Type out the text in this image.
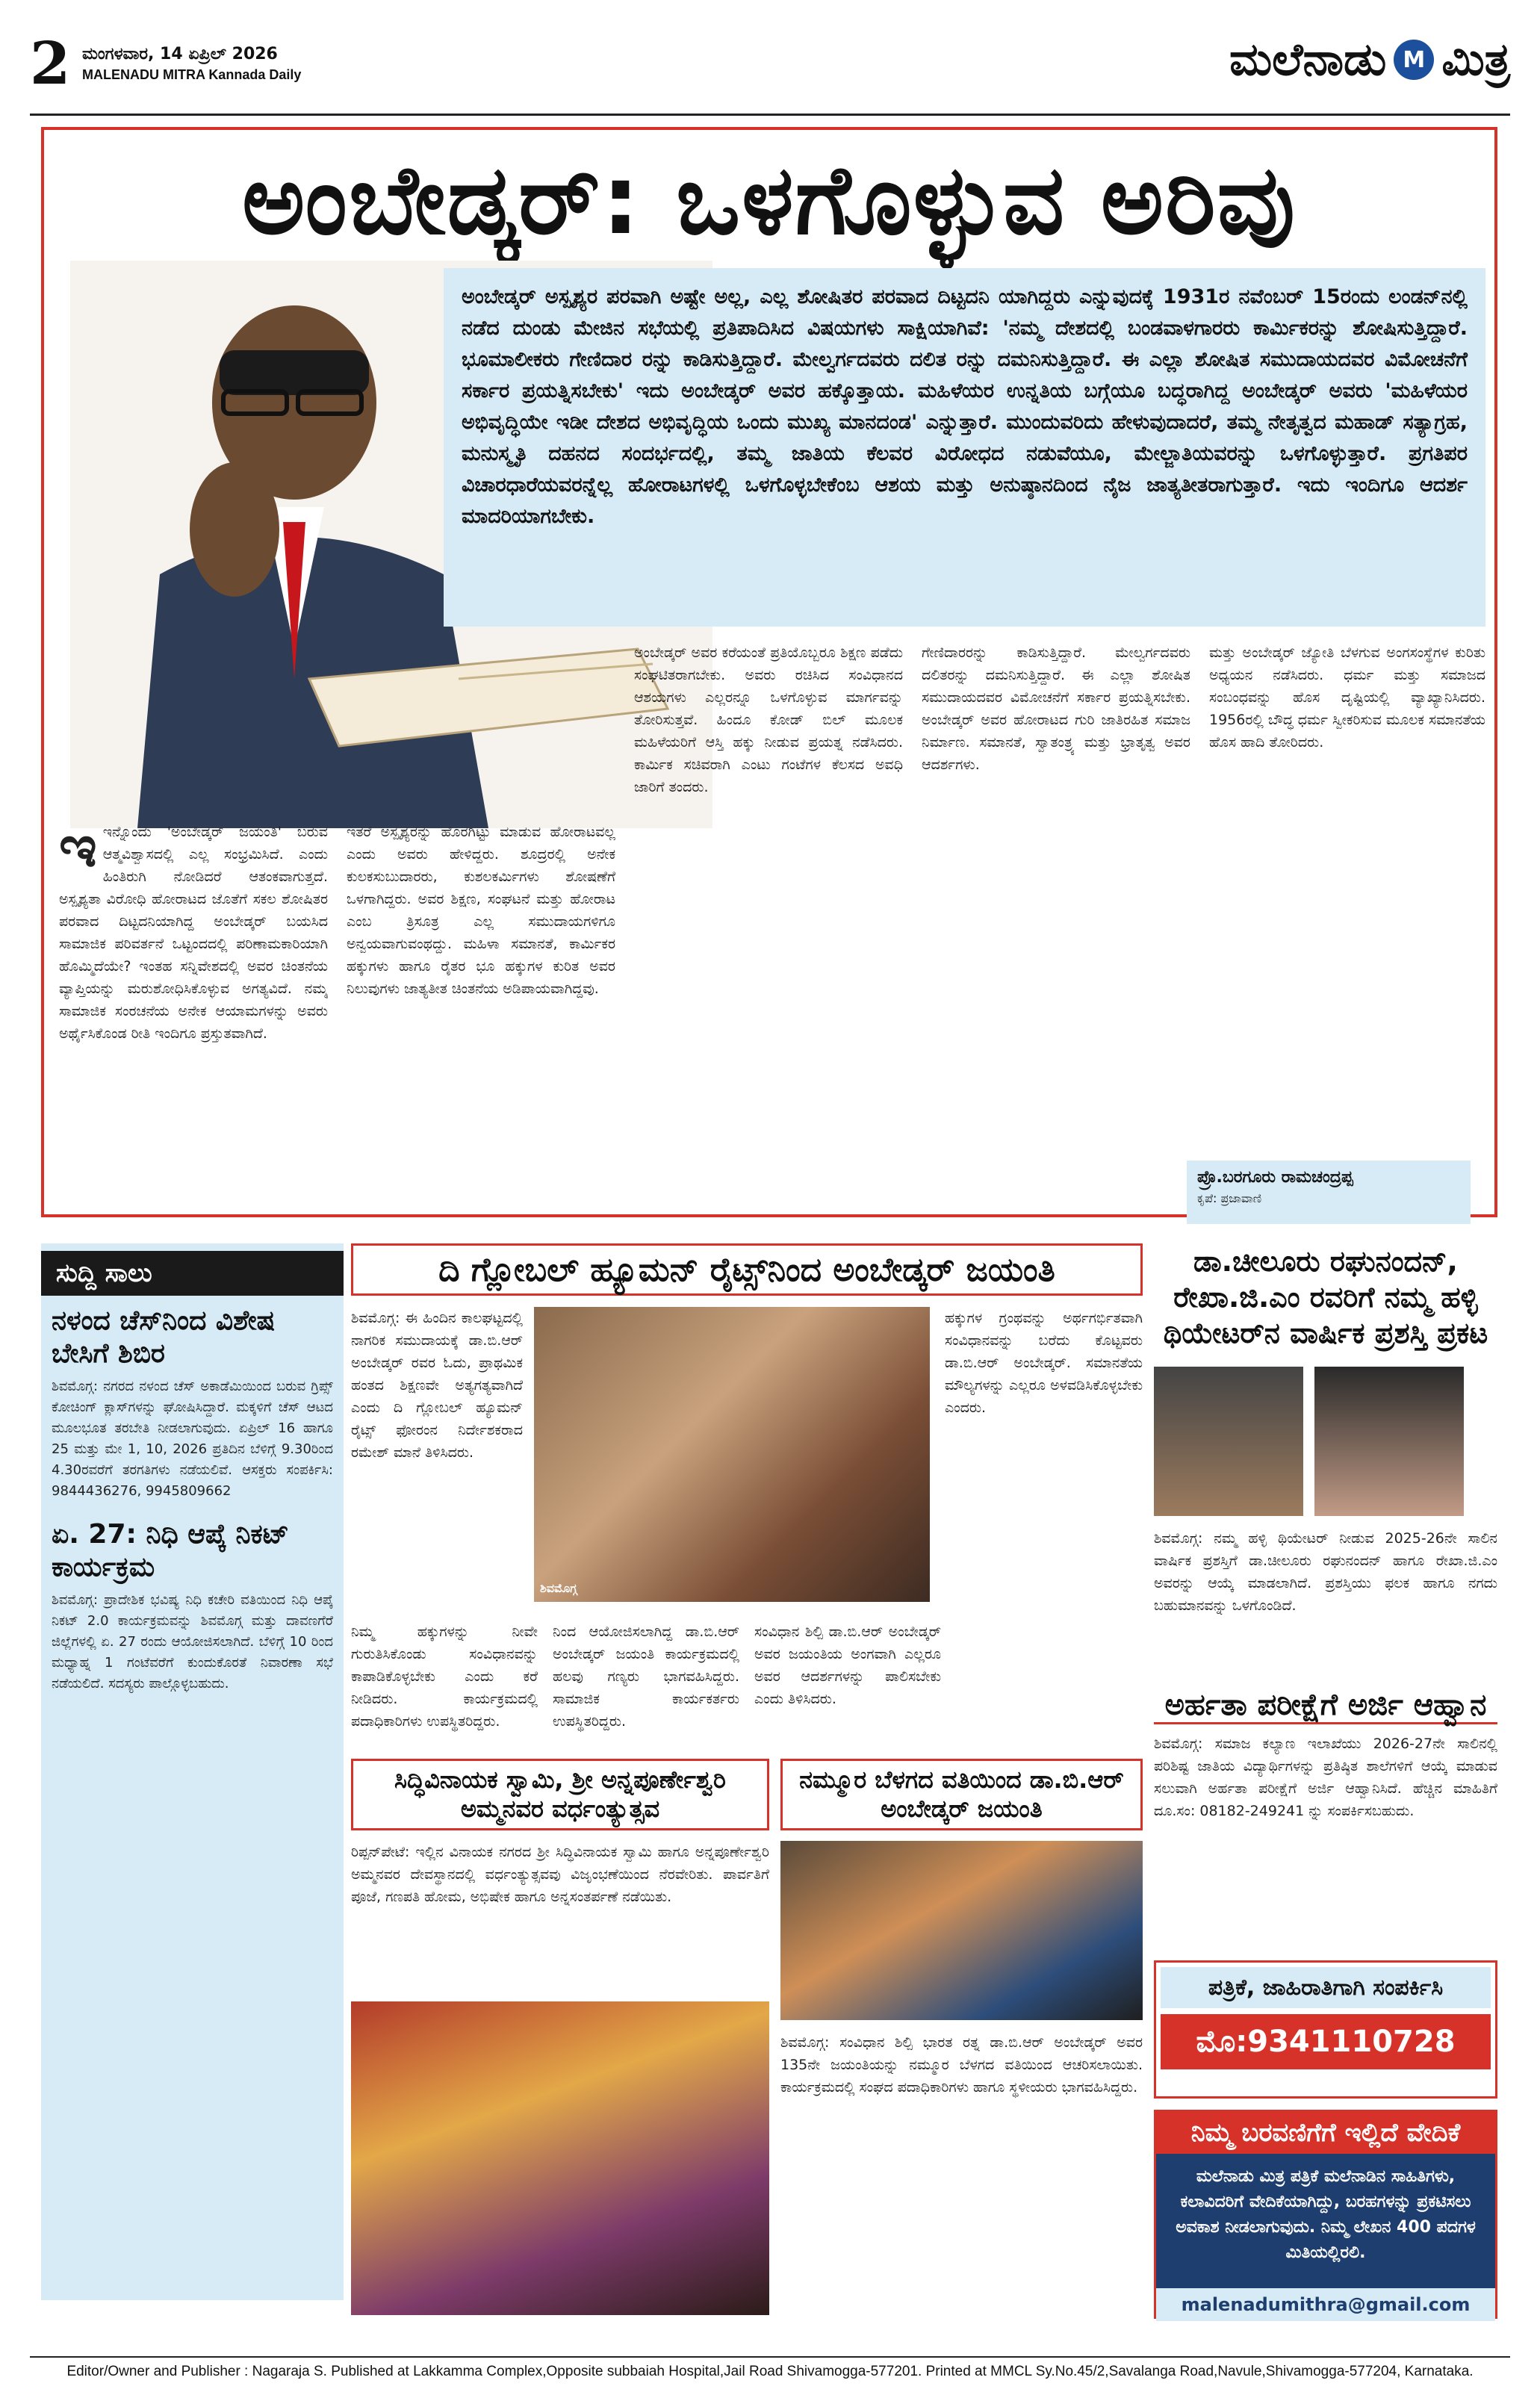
2 ಮಂಗಳವಾರ, 14 ಏಪ್ರಿಲ್ 2026
MALENADU MITRA Kannada Daily	ಮಲೆನಾಡು M ಮಿತ್ರ
ಅಂಬೇಡ್ಕರ್: ಒಳಗೊಳ್ಳುವ ಅರಿವು
ಅಂಬೇಡ್ಕರ್ ಅಸ್ಪೃಶ್ಯರ ಪರವಾಗಿ ಅಷ್ಟೇ ಅಲ್ಲ, ಎಲ್ಲ ಶೋಷಿತರ ಪರವಾದ ದಿಟ್ಟದನಿ ಯಾಗಿದ್ದರು ಎನ್ನುವುದಕ್ಕೆ 1931ರ ನವೆಂಬರ್ 15ರಂದು ಲಂಡನ್‌ನಲ್ಲಿ ನಡೆದ ದುಂಡು ಮೇಜಿನ ಸಭೆಯಲ್ಲಿ ಪ್ರತಿಪಾದಿಸಿದ ವಿಷಯಗಳು ಸಾಕ್ಷಿಯಾಗಿವೆ: 'ನಮ್ಮ ದೇಶದಲ್ಲಿ ಬಂಡವಾಳಗಾರರು ಕಾರ್ಮಿಕರನ್ನು ಶೋಷಿಸುತ್ತಿದ್ದಾರೆ. ಭೂಮಾಲೀಕರು ಗೇಣಿದಾರ ರನ್ನು ಕಾಡಿಸುತ್ತಿದ್ದಾರೆ. ಮೇಲ್ವರ್ಗದವರು ದಲಿತ ರನ್ನು ದಮನಿಸುತ್ತಿದ್ದಾರೆ. ಈ ಎಲ್ಲಾ ಶೋಷಿತ ಸಮುದಾಯದವರ ವಿಮೋಚನೆಗೆ ಸರ್ಕಾರ ಪ್ರಯತ್ನಿಸಬೇಕು' ಇದು ಅಂಬೇಡ್ಕರ್ ಅವರ ಹಕ್ಕೊತ್ತಾಯ. ಮಹಿಳೆಯರ ಉನ್ನತಿಯ ಬಗ್ಗೆಯೂ ಬದ್ಧರಾಗಿದ್ದ ಅಂಬೇಡ್ಕರ್ ಅವರು 'ಮಹಿಳೆಯರ ಅಭಿವೃದ್ಧಿಯೇ ಇಡೀ ದೇಶದ ಅಭಿವೃದ್ಧಿಯ ಒಂದು ಮುಖ್ಯ ಮಾನದಂಡ' ಎನ್ನುತ್ತಾರೆ. ಮುಂದುವರಿದು ಹೇಳುವುದಾದರೆ, ತಮ್ಮ ನೇತೃತ್ವದ ಮಹಾಡ್ ಸತ್ಯಾಗ್ರಹ, ಮನುಸ್ಮೃತಿ ದಹನದ ಸಂದರ್ಭದಲ್ಲಿ, ತಮ್ಮ ಜಾತಿಯ ಕೆಲವರ ವಿರೋಧದ ನಡುವೆಯೂ, ಮೇಲ್ಜಾತಿಯವರನ್ನು ಒಳಗೊಳ್ಳುತ್ತಾರೆ. ಪ್ರಗತಿಪರ ವಿಚಾರಧಾರೆಯವರನ್ನೆಲ್ಲ ಹೋರಾಟಗಳಲ್ಲಿ ಒಳಗೊಳ್ಳಬೇಕೆಂಬ ಆಶಯ ಮತ್ತು ಅನುಷ್ಠಾನದಿಂದ ನೈಜ ಜಾತ್ಯತೀತರಾಗುತ್ತಾರೆ. ಇದು ಇಂದಿಗೂ ಆದರ್ಶ ಮಾದರಿಯಾಗಬೇಕು.
ಇಇನ್ನೊಂದು 'ಅಂಬೇಡ್ಕರ್ ಜಯಂತಿ' ಬರುವ ಆತ್ಮವಿಶ್ವಾಸದಲ್ಲಿ ಎಲ್ಲ ಸಂಭ್ರಮಿಸಿದೆ. ಎಂದು ಹಿಂತಿರುಗಿ ನೋಡಿದರೆ ಆತಂಕವಾಗುತ್ತದೆ. ಅಸ್ಪೃಶ್ಯತಾ ವಿರೋಧಿ ಹೋರಾಟದ ಜೊತೆಗೆ ಸಕಲ ಶೋಷಿತರ ಪರವಾದ ದಿಟ್ಟದನಿಯಾಗಿದ್ದ ಅಂಬೇಡ್ಕರ್ ಬಯಸಿದ ಸಾಮಾಜಿಕ ಪರಿವರ್ತನೆ ಒಟ್ಟಂದದಲ್ಲಿ ಪರಿಣಾಮಕಾರಿಯಾಗಿ ಹೊಮ್ಮಿದೆಯೇ? ಇಂತಹ ಸನ್ನಿವೇಶದಲ್ಲಿ ಅವರ ಚಿಂತನೆಯ ವ್ಯಾಪ್ತಿಯನ್ನು ಮರುಶೋಧಿಸಿಕೊಳ್ಳುವ ಅಗತ್ಯವಿದೆ. ನಮ್ಮ ಸಾಮಾಜಿಕ ಸಂರಚನೆಯ ಅನೇಕ ಆಯಾಮಗಳನ್ನು ಅವರು ಅರ್ಥೈಸಿಕೊಂಡ ರೀತಿ ಇಂದಿಗೂ ಪ್ರಸ್ತುತವಾಗಿದೆ.
ಇತರೆ ಅಸ್ಪೃಶ್ಯರನ್ನು ಹೊರಗಿಟ್ಟು ಮಾಡುವ ಹೋರಾಟವಲ್ಲ ಎಂದು ಅವರು ಹೇಳಿದ್ದರು. ಶೂದ್ರರಲ್ಲಿ ಅನೇಕ ಕುಲಕಸುಬುದಾರರು, ಕುಶಲಕರ್ಮಿಗಳು ಶೋಷಣೆಗೆ ಒಳಗಾಗಿದ್ದರು. ಅವರ ಶಿಕ್ಷಣ, ಸಂಘಟನೆ ಮತ್ತು ಹೋರಾಟ ಎಂಬ ತ್ರಿಸೂತ್ರ ಎಲ್ಲ ಸಮುದಾಯಗಳಿಗೂ ಅನ್ವಯವಾಗುವಂಥದ್ದು. ಮಹಿಳಾ ಸಮಾನತೆ, ಕಾರ್ಮಿಕರ ಹಕ್ಕುಗಳು ಹಾಗೂ ರೈತರ ಭೂ ಹಕ್ಕುಗಳ ಕುರಿತ ಅವರ ನಿಲುವುಗಳು ಜಾತ್ಯತೀತ ಚಿಂತನೆಯ ಅಡಿಪಾಯವಾಗಿದ್ದವು.
ಅಂಬೇಡ್ಕರ್ ಅವರ ಕರೆಯಂತೆ ಪ್ರತಿಯೊಬ್ಬರೂ ಶಿಕ್ಷಣ ಪಡೆದು ಸಂಘಟಿತರಾಗಬೇಕು. ಅವರು ರಚಿಸಿದ ಸಂವಿಧಾನದ ಆಶಯಗಳು ಎಲ್ಲರನ್ನೂ ಒಳಗೊಳ್ಳುವ ಮಾರ್ಗವನ್ನು ತೋರಿಸುತ್ತವೆ. ಹಿಂದೂ ಕೋಡ್ ಬಿಲ್ ಮೂಲಕ ಮಹಿಳೆಯರಿಗೆ ಆಸ್ತಿ ಹಕ್ಕು ನೀಡುವ ಪ್ರಯತ್ನ ನಡೆಸಿದರು. ಕಾರ್ಮಿಕ ಸಚಿವರಾಗಿ ಎಂಟು ಗಂಟೆಗಳ ಕೆಲಸದ ಅವಧಿ ಜಾರಿಗೆ ತಂದರು.
ಗೇಣಿದಾರರನ್ನು ಕಾಡಿಸುತ್ತಿದ್ದಾರೆ. ಮೇಲ್ವರ್ಗದವರು ದಲಿತರನ್ನು ದಮನಿಸುತ್ತಿದ್ದಾರೆ. ಈ ಎಲ್ಲಾ ಶೋಷಿತ ಸಮುದಾಯದವರ ವಿಮೋಚನೆಗೆ ಸರ್ಕಾರ ಪ್ರಯತ್ನಿಸಬೇಕು. ಅಂಬೇಡ್ಕರ್ ಅವರ ಹೋರಾಟದ ಗುರಿ ಜಾತಿರಹಿತ ಸಮಾಜ ನಿರ್ಮಾಣ. ಸಮಾನತೆ, ಸ್ವಾತಂತ್ರ್ಯ ಮತ್ತು ಭ್ರಾತೃತ್ವ ಅವರ ಆದರ್ಶಗಳು.
ಮತ್ತು ಅಂಬೇಡ್ಕರ್ ಜ್ಯೋತಿ ಬೆಳಗುವ ಅಂಗಸಂಸ್ಥೆಗಳ ಕುರಿತು ಅಧ್ಯಯನ ನಡೆಸಿದರು. ಧರ್ಮ ಮತ್ತು ಸಮಾಜದ ಸಂಬಂಧವನ್ನು ಹೊಸ ದೃಷ್ಟಿಯಲ್ಲಿ ವ್ಯಾಖ್ಯಾನಿಸಿದರು. 1956ರಲ್ಲಿ ಬೌದ್ಧ ಧರ್ಮ ಸ್ವೀಕರಿಸುವ ಮೂಲಕ ಸಮಾನತೆಯ ಹೊಸ ಹಾದಿ ತೋರಿದರು.
ಪ್ರೊ.ಬರಗೂರು ರಾಮಚಂದ್ರಪ್ಪ
ಕೃಪೆ: ಪ್ರಜಾವಾಣಿ
ಸುದ್ದಿ ಸಾಲು
ನಳಂದ ಚೆಸ್‌ನಿಂದ ವಿಶೇಷ ಬೇಸಿಗೆ ಶಿಬಿರ
ಶಿವಮೊಗ್ಗ: ನಗರದ ನಳಂದ ಚೆಸ್ ಅಕಾಡೆಮಿಯಿಂದ ಬರುವ ಗ್ರಿಪ್ಸ್ ಕೋಚಿಂಗ್ ಕ್ಲಾಸ್‌ಗಳನ್ನು ಘೋಷಿಸಿದ್ದಾರೆ. ಮಕ್ಕಳಿಗೆ ಚೆಸ್ ಆಟದ ಮೂಲಭೂತ ತರಬೇತಿ ನೀಡಲಾಗುವುದು. ಏಪ್ರಿಲ್ 16 ಹಾಗೂ 25 ಮತ್ತು ಮೇ 1, 10, 2026 ಪ್ರತಿದಿನ ಬೆಳಿಗ್ಗೆ 9.30ರಿಂದ 4.30ರವರೆಗೆ ತರಗತಿಗಳು ನಡೆಯಲಿವೆ. ಆಸಕ್ತರು ಸಂಪರ್ಕಿಸಿ: 9844436276, 9945809662
ಏ. 27: ನಿಧಿ ಆಪ್ಕೆ ನಿಕಟ್ ಕಾರ್ಯಕ್ರಮ
ಶಿವಮೊಗ್ಗ: ಪ್ರಾದೇಶಿಕ ಭವಿಷ್ಯ ನಿಧಿ ಕಚೇರಿ ವತಿಯಿಂದ ನಿಧಿ ಆಪ್ಕೆ ನಿಕಟ್ 2.0 ಕಾರ್ಯಕ್ರಮವನ್ನು ಶಿವಮೊಗ್ಗ ಮತ್ತು ದಾವಣಗೆರೆ ಜಿಲ್ಲೆಗಳಲ್ಲಿ ಏ. 27 ರಂದು ಆಯೋಜಿಸಲಾಗಿದೆ. ಬೆಳಿಗ್ಗೆ 10 ರಿಂದ ಮಧ್ಯಾಹ್ನ 1 ಗಂಟೆವರೆಗೆ ಕುಂದುಕೊರತೆ ನಿವಾರಣಾ ಸಭೆ ನಡೆಯಲಿದೆ. ಸದಸ್ಯರು ಪಾಲ್ಗೊಳ್ಳಬಹುದು.
ದಿ ಗ್ಲೋಬಲ್ ಹ್ಯೂಮನ್ ರೈಟ್ಸ್‌ನಿಂದ ಅಂಬೇಡ್ಕರ್ ಜಯಂತಿ
ಶಿವಮೊಗ್ಗ: ಈ ಹಿಂದಿನ ಕಾಲಘಟ್ಟದಲ್ಲಿ ನಾಗರಿಕ ಸಮುದಾಯಕ್ಕೆ ಡಾ.ಬಿ.ಆರ್ ಅಂಬೇಡ್ಕರ್ ರವರ ಓದು, ಪ್ರಾಥಮಿಕ ಹಂತದ ಶಿಕ್ಷಣವೇ ಅತ್ಯಗತ್ಯವಾಗಿದೆ ಎಂದು ದಿ ಗ್ಲೋಬಲ್ ಹ್ಯೂಮನ್ ರೈಟ್ಸ್ ಫೋರಂನ ನಿರ್ದೇಶಕರಾದ ರಮೇಶ್ ಮಾನೆ ತಿಳಿಸಿದರು.
ಶಿವಮೊಗ್ಗ
ಹಕ್ಕುಗಳ ಗ್ರಂಥವನ್ನು ಅರ್ಥಗರ್ಭಿತವಾಗಿ ಸಂವಿಧಾನವನ್ನು ಬರೆದು ಕೊಟ್ಟವರು ಡಾ.ಬಿ.ಆರ್ ಅಂಬೇಡ್ಕರ್. ಸಮಾನತೆಯ ಮೌಲ್ಯಗಳನ್ನು ಎಲ್ಲರೂ ಅಳವಡಿಸಿಕೊಳ್ಳಬೇಕು ಎಂದರು.
ನಿಮ್ಮ ಹಕ್ಕುಗಳನ್ನು ನೀವೇ ಗುರುತಿಸಿಕೊಂಡು ಸಂವಿಧಾನವನ್ನು ಕಾಪಾಡಿಕೊಳ್ಳಬೇಕು ಎಂದು ಕರೆ ನೀಡಿದರು. ಕಾರ್ಯಕ್ರಮದಲ್ಲಿ ಪದಾಧಿಕಾರಿಗಳು ಉಪಸ್ಥಿತರಿದ್ದರು.
ನಿಂದ ಆಯೋಜಿಸಲಾಗಿದ್ದ ಡಾ.ಬಿ.ಆರ್ ಅಂಬೇಡ್ಕರ್ ಜಯಂತಿ ಕಾರ್ಯಕ್ರಮದಲ್ಲಿ ಹಲವು ಗಣ್ಯರು ಭಾಗವಹಿಸಿದ್ದರು. ಸಾಮಾಜಿಕ ಕಾರ್ಯಕರ್ತರು ಉಪಸ್ಥಿತರಿದ್ದರು.
ಸಂವಿಧಾನ ಶಿಲ್ಪಿ ಡಾ.ಬಿ.ಆರ್ ಅಂಬೇಡ್ಕರ್ ಅವರ ಜಯಂತಿಯ ಅಂಗವಾಗಿ ಎಲ್ಲರೂ ಅವರ ಆದರ್ಶಗಳನ್ನು ಪಾಲಿಸಬೇಕು ಎಂದು ತಿಳಿಸಿದರು.
ಡಾ.ಚೀಲೂರು ರಘುನಂದನ್, ರೇಖಾ.ಜಿ.ಎಂ ರವರಿಗೆ ನಮ್ಮ ಹಳ್ಳಿ ಥಿಯೇಟರ್‌ನ ವಾರ್ಷಿಕ ಪ್ರಶಸ್ತಿ ಪ್ರಕಟ
ಶಿವಮೊಗ್ಗ: ನಮ್ಮ ಹಳ್ಳಿ ಥಿಯೇಟರ್ ನೀಡುವ 2025-26ನೇ ಸಾಲಿನ ವಾರ್ಷಿಕ ಪ್ರಶಸ್ತಿಗೆ ಡಾ.ಚೀಲೂರು ರಘುನಂದನ್ ಹಾಗೂ ರೇಖಾ.ಜಿ.ಎಂ ಅವರನ್ನು ಆಯ್ಕೆ ಮಾಡಲಾಗಿದೆ. ಪ್ರಶಸ್ತಿಯು ಫಲಕ ಹಾಗೂ ನಗದು ಬಹುಮಾನವನ್ನು ಒಳಗೊಂಡಿದೆ.
ಅರ್ಹತಾ ಪರೀಕ್ಷೆಗೆ ಅರ್ಜಿ ಆಹ್ವಾನ
ಶಿವಮೊಗ್ಗ: ಸಮಾಜ ಕಲ್ಯಾಣ ಇಲಾಖೆಯು 2026-27ನೇ ಸಾಲಿನಲ್ಲಿ ಪರಿಶಿಷ್ಟ ಜಾತಿಯ ವಿದ್ಯಾರ್ಥಿಗಳನ್ನು ಪ್ರತಿಷ್ಠಿತ ಶಾಲೆಗಳಿಗೆ ಆಯ್ಕೆ ಮಾಡುವ ಸಲುವಾಗಿ ಅರ್ಹತಾ ಪರೀಕ್ಷೆಗೆ ಅರ್ಜಿ ಆಹ್ವಾನಿಸಿದೆ. ಹೆಚ್ಚಿನ ಮಾಹಿತಿಗೆ ದೂ.ಸಂ: 08182-249241 ನ್ನು ಸಂಪರ್ಕಿಸಬಹುದು.
ಸಿದ್ಧಿವಿನಾಯಕ ಸ್ವಾಮಿ, ಶ್ರೀ ಅನ್ನಪೂರ್ಣೇಶ್ವರಿ ಅಮ್ಮನವರ ವರ್ಧಂತ್ಯುತ್ಸವ
ರಿಪ್ಪನ್‌ಪೇಟೆ: ಇಲ್ಲಿನ ವಿನಾಯಕ ನಗರದ ಶ್ರೀ ಸಿದ್ಧಿವಿನಾಯಕ ಸ್ವಾಮಿ ಹಾಗೂ ಅನ್ನಪೂರ್ಣೇಶ್ವರಿ ಅಮ್ಮನವರ ದೇವಸ್ಥಾನದಲ್ಲಿ ವರ್ಧಂತ್ಯುತ್ಸವವು ವಿಜೃಂಭಣೆಯಿಂದ ನೆರವೇರಿತು. ಪಾರ್ವತಿಗೆ ಪೂಜೆ, ಗಣಪತಿ ಹೋಮ, ಅಭಿಷೇಕ ಹಾಗೂ ಅನ್ನಸಂತರ್ಪಣೆ ನಡೆಯಿತು.
ನಮ್ಮೂರ ಬೆಳಗದ ವತಿಯಿಂದ ಡಾ.ಬಿ.ಆರ್ ಅಂಬೇಡ್ಕರ್ ಜಯಂತಿ
ಶಿವಮೊಗ್ಗ: ಸಂವಿಧಾನ ಶಿಲ್ಪಿ ಭಾರತ ರತ್ನ ಡಾ.ಬಿ.ಆರ್ ಅಂಬೇಡ್ಕರ್ ಅವರ 135ನೇ ಜಯಂತಿಯನ್ನು ನಮ್ಮೂರ ಬೆಳಗದ ವತಿಯಿಂದ ಆಚರಿಸಲಾಯಿತು. ಕಾರ್ಯಕ್ರಮದಲ್ಲಿ ಸಂಘದ ಪದಾಧಿಕಾರಿಗಳು ಹಾಗೂ ಸ್ಥಳೀಯರು ಭಾಗವಹಿಸಿದ್ದರು.
ಪತ್ರಿಕೆ, ಜಾಹಿರಾತಿಗಾಗಿ ಸಂಪರ್ಕಿಸಿ
ಮೊ:9341110728
ನಿಮ್ಮ ಬರವಣಿಗೆಗೆ ಇಲ್ಲಿದೆ ವೇದಿಕೆ
ಮಲೆನಾಡು ಮಿತ್ರ ಪತ್ರಿಕೆ ಮಲೆನಾಡಿನ ಸಾಹಿತಿಗಳು, ಕಲಾವಿದರಿಗೆ ವೇದಿಕೆಯಾಗಿದ್ದು, ಬರಹಗಳನ್ನು ಪ್ರಕಟಿಸಲು ಅವಕಾಶ ನೀಡಲಾಗುವುದು. ನಿಮ್ಮ ಲೇಖನ 400 ಪದಗಳ ಮಿತಿಯಲ್ಲಿರಲಿ.
malenadumithra@gmail.com
Editor/Owner and Publisher : Nagaraja S. Published at Lakkamma Complex,Opposite subbaiah Hospital,Jail Road Shivamogga-577201. Printed at MMCL Sy.No.45/2,Savalanga Road,Navule,Shivamogga-577204, Karnataka.
